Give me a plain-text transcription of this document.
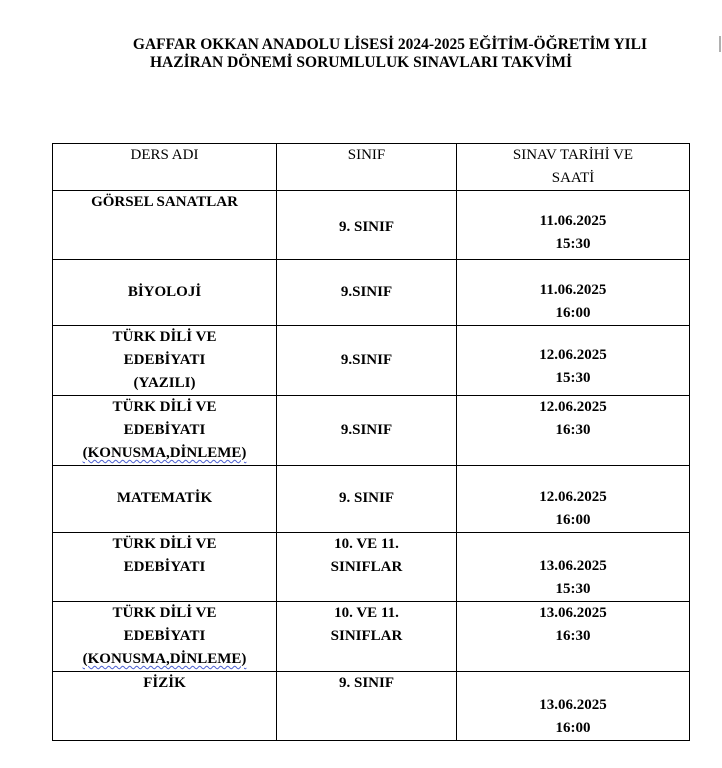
GAFFAR OKKAN ANADOLU LİSESİ 2024-2025 EĞİTİM-ÖĞRETİM YILI
HAZİRAN DÖNEMİ SORUMLULUK SINAVLARI TAKVİMİ
DERS ADI	SINIF	SINAV TARİHİ VE
SAATİ

GÖRSEL SANATLAR	9. SINIF	11.06.2025
15:30

BİYOLOJİ	9.SINIF	11.06.2025
16:00

TÜRK DİLİ VE
EDEBİYATI
(YAZILI)	9.SINIF	12.06.2025
15:30

TÜRK DİLİ VE
EDEBİYATI
(KONUSMA,DİNLEME)	9.SINIF	12.06.2025
16:30

MATEMATİK	9. SINIF	12.06.2025
16:00

TÜRK DİLİ VE
EDEBİYATI	10. VE 11.
SINIFLAR	13.06.2025
15:30

TÜRK DİLİ VE
EDEBİYATI
(KONUSMA,DİNLEME)	10. VE 11.
SINIFLAR	13.06.2025
16:30

FİZİK	9. SINIF	13.06.2025
16:00
